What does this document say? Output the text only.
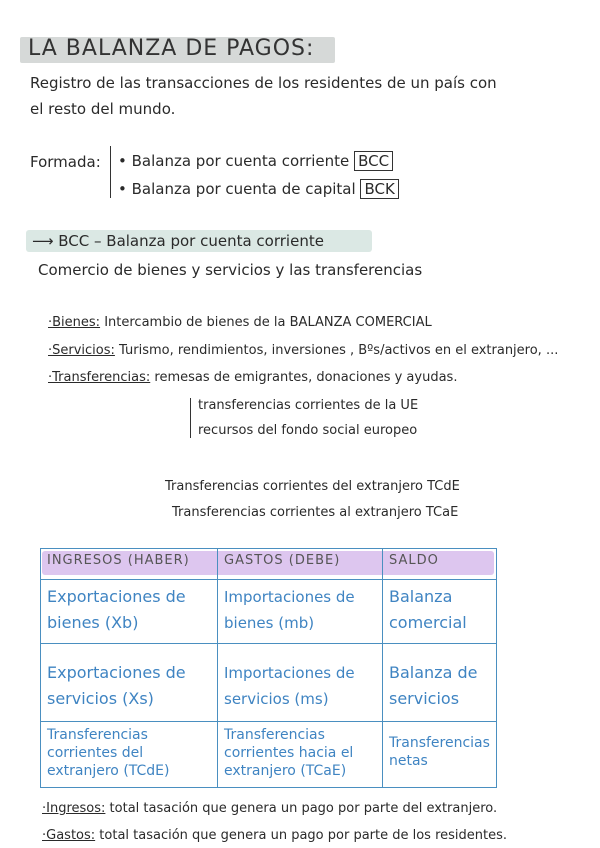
LA BALANZA DE PAGOS:
Registro de las transacciones de los residentes de un país con
el resto del mundo.
Formada: • Balanza por cuenta corriente BCC
• Balanza por cuenta de capital BCK
⟶ BCC – Balanza por cuenta corriente
Comercio de bienes y servicios y las transferencias
·Bienes: Intercambio de bienes de la BALANZA COMERCIAL
·Servicios: Turismo, rendimientos, inversiones , Bºs/activos en el extranjero, ...
·Transferencias: remesas de emigrantes, donaciones y ayudas.
transferencias corrientes de la UE
recursos del fondo social europeo
Transferencias corrientes del extranjero TCdE
Transferencias corrientes al extranjero TCaE
INGRESOS (HABER)	GASTOS (DEBE)	SALDO
Exportaciones de bienes (Xb)	Importaciones de bienes (mb)	Balanza comercial
Exportaciones de servicios (Xs)	Importaciones de servicios (ms)	Balanza de servicios
Transferencias corrientes del extranjero (TCdE)	Transferencias corrientes hacia el extranjero (TCaE)	Transferencias netas
·Ingresos: total tasación que genera un pago por parte del extranjero.
·Gastos: total tasación que genera un pago por parte de los residentes.
